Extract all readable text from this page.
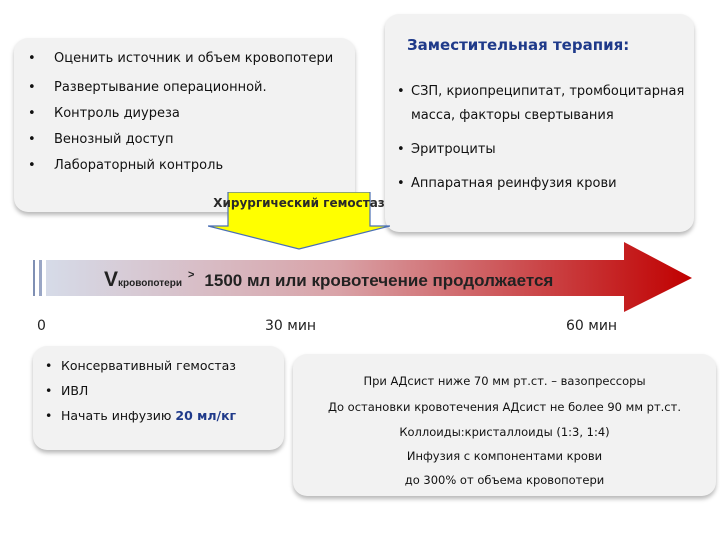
• Оценить источник и объем кровопотери
• Развертывание операционной.
• Контроль диуреза
• Венозный доступ
• Лабораторный контроль
Заместительная терапия:
• СЗП, криопреципитат, тромбоцитарная масса, факторы свертывания
• Эритроциты
• Аппаратная реинфузия крови
Хирургический гемостаз
Vкровопотери> 1500 мл или кровотечение продолжается
0	30 мин	60 мин
• Консервативный гемостаз
• ИВЛ
• Начать инфузию 20 мл/кг
При АДсист ниже 70 мм рт.ст. – вазопрессоры
До остановки кровотечения АДсист не более 90 мм рт.ст.
Коллоиды:кристаллоиды (1:3, 1:4)
Инфузия с компонентами крови
до 300% от объема кровопотери
